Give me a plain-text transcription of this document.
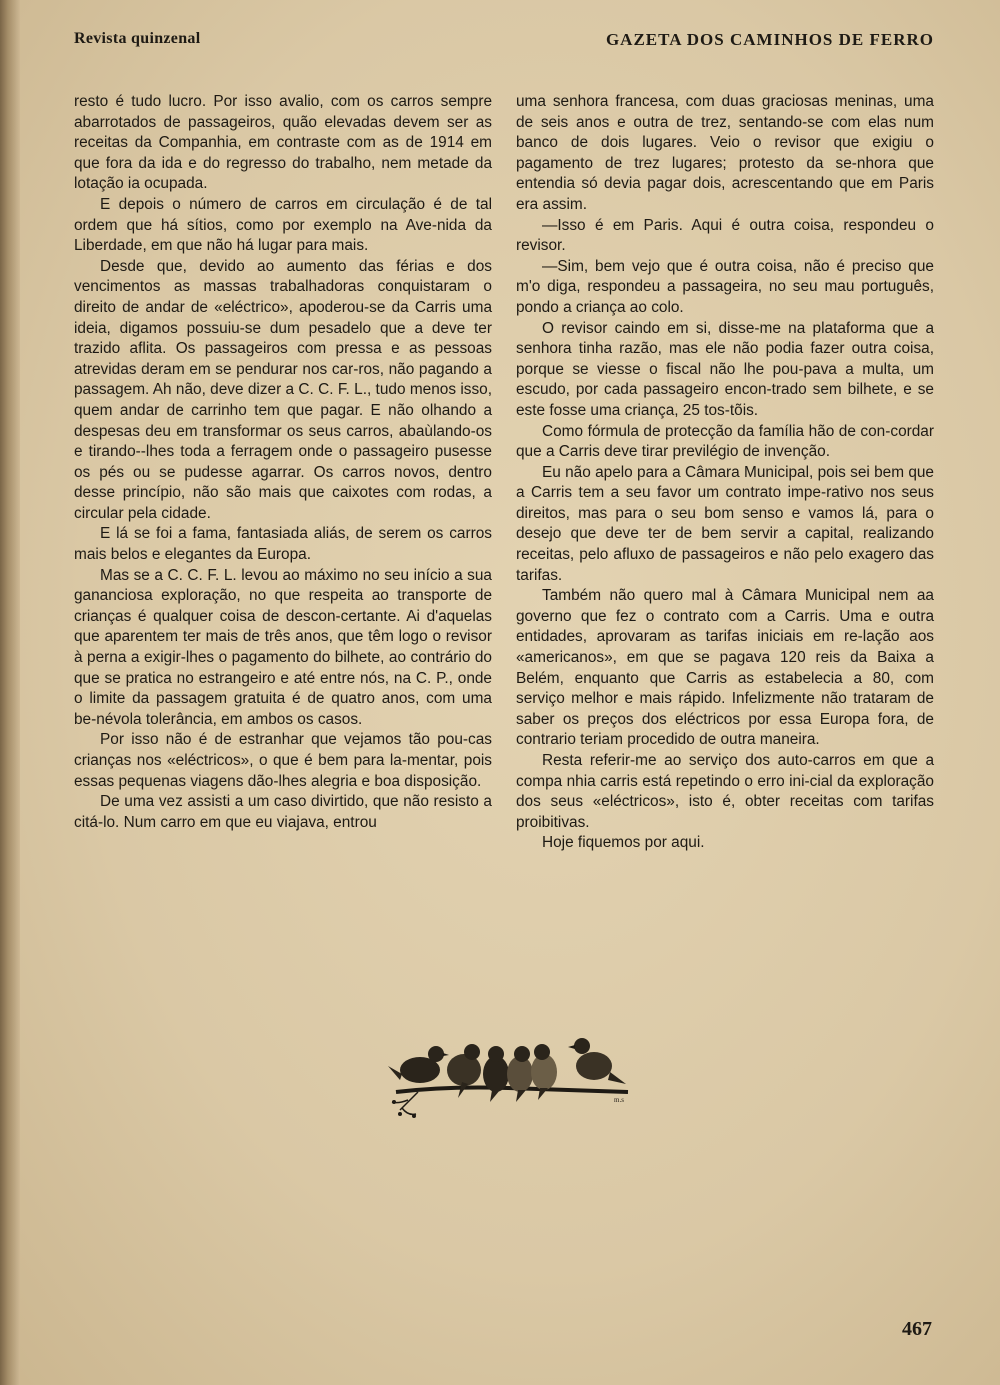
Revista quinzenal	GAZETA DOS CAMINHOS DE FERRO

resto é tudo lucro. Por isso avalio, com os carros sempre abarrotados de passageiros, quão elevadas devem ser as receitas da Companhia, em contraste com as de 1914 em que fora da ida e do regresso do trabalho, nem metade da lotação ia ocupada.

E depois o número de carros em circulação é de tal ordem que há sítios, como por exemplo na Ave-nida da Liberdade, em que não há lugar para mais.

Desde que, devido ao aumento das férias e dos vencimentos as massas trabalhadoras conquistaram o direito de andar de «eléctrico», apoderou-se da Carris uma ideia, digamos possuiu-se dum pesadelo que a deve ter trazido aflita. Os passageiros com pressa e as pessoas atrevidas deram em se pendurar nos car-ros, não pagando a passagem. Ah não, deve dizer a C. C. F. L., tudo menos isso, quem andar de carrinho tem que pagar. E não olhando a despesas deu em transformar os seus carros, abaùlando-os e tirando--lhes toda a ferragem onde o passageiro pusesse os pés ou se pudesse agarrar. Os carros novos, dentro desse princípio, não são mais que caixotes com rodas, a circular pela cidade.

E lá se foi a fama, fantasiada aliás, de serem os carros mais belos e elegantes da Europa.

Mas se a C. C. F. L. levou ao máximo no seu início a sua gananciosa exploração, no que respeita ao transporte de crianças é qualquer coisa de descon-certante. Ai d'aquelas que aparentem ter mais de três anos, que têm logo o revisor à perna a exigir-lhes o pagamento do bilhete, ao contrário do que se pratica no estrangeiro e até entre nós, na C. P., onde o limite da passagem gratuita é de quatro anos, com uma be-névola tolerância, em ambos os casos.

Por isso não é de estranhar que vejamos tão pou-cas crianças nos «eléctricos», o que é bem para la-mentar, pois essas pequenas viagens dão-lhes alegria e boa disposição.

De uma vez assisti a um caso divirtido, que não resisto a citá-lo. Num carro em que eu viajava, entrou

uma senhora francesa, com duas graciosas meninas, uma de seis anos e outra de trez, sentando-se com elas num banco de dois lugares. Veio o revisor que exigiu o pagamento de trez lugares; protesto da se-nhora que entendia só devia pagar dois, acrescentando que em Paris era assim.

—Isso é em Paris. Aqui é outra coisa, respondeu o revisor.

—Sim, bem vejo que é outra coisa, não é preciso que m'o diga, respondeu a passageira, no seu mau português, pondo a criança ao colo.

O revisor caindo em si, disse-me na plataforma que a senhora tinha razão, mas ele não podia fazer outra coisa, porque se viesse o fiscal não lhe pou-pava a multa, um escudo, por cada passageiro encon-trado sem bilhete, e se este fosse uma criança, 25 tos-tõis.

Como fórmula de protecção da família hão de con-cordar que a Carris deve tirar previlégio de invenção.

Eu não apelo para a Câmara Municipal, pois sei bem que a Carris tem a seu favor um contrato impe-rativo nos seus direitos, mas para o seu bom senso e vamos lá, para o desejo que deve ter de bem servir a capital, realizando receitas, pelo afluxo de passageiros e não pelo exagero das tarifas.

Também não quero mal à Câmara Municipal nem aa governo que fez o contrato com a Carris. Uma e outra entidades, aprovaram as tarifas iniciais em re-lação aos «americanos», em que se pagava 120 reis da Baixa a Belém, enquanto que Carris as estabelecia a 80, com serviço melhor e mais rápido. Infelizmente não trataram de saber os preços dos eléctricos por essa Europa fora, de contrario teriam procedido de outra maneira.

Resta referir-me ao serviço dos auto-carros em que a compa nhia carris está repetindo o erro ini-cial da exploração dos seus «eléctricos», isto é, obter receitas com tarifas proibitivas.

Hoje fiquemos por aqui.

m.s
467
